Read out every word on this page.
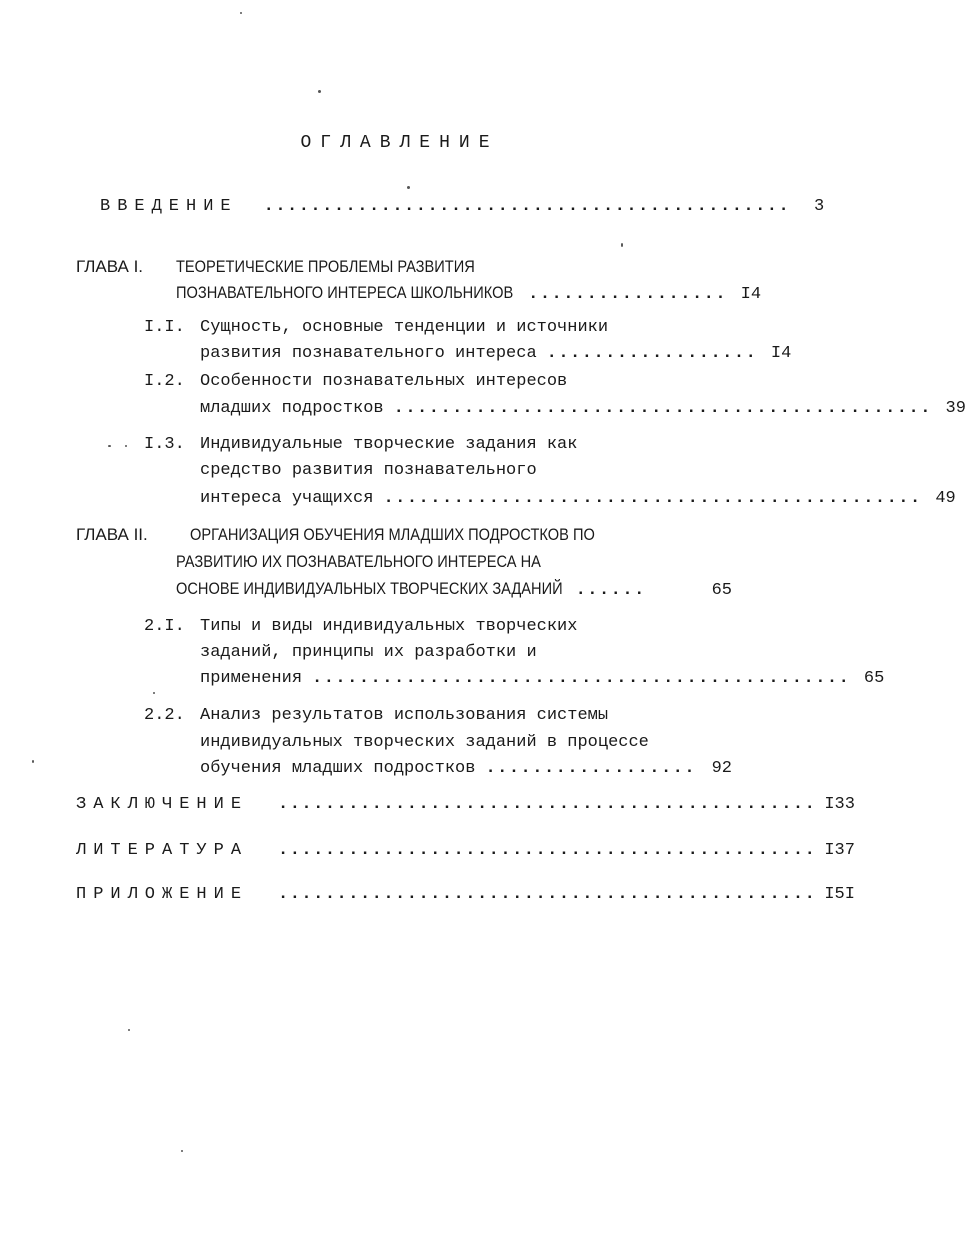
ОГЛАВЛЕНИЕ
ВВЕДЕНИЕ .............................................	3
ГЛАВА I. ТЕОРЕТИЧЕСКИЕ ПРОБЛЕМЫ РАЗВИТИЯ
ПОЗНАВАТЕЛЬНОГО ИНТЕРЕСА ШКОЛЬНИКОВ ................. I4
I.I. Сущность, основные тенденции и источники
развития познавательного интереса .................. I4
I.2. Особенности познавательных интересов
младших подростков .............................................. 39
I.3. Индивидуальные творческие задания как
средство развития познавательного
интереса учащихся .............................................. 49
ГЛАВА II. ОРГАНИЗАЦИЯ ОБУЧЕНИЯ МЛАДШИХ ПОДРОСТКОВ ПО
РАЗВИТИЮ ИХ ПОЗНАВАТЕЛЬНОГО ИНТЕРЕСА НА
ОСНОВЕ ИНДИВИДУАЛЬНЫХ ТВОРЧЕСКИХ ЗАДАНИЙ ......	65
2.I. Типы и виды индивидуальных творческих
заданий, принципы их разработки и
применения .............................................. 65
2.2. Анализ результатов использования системы
индивидуальных творческих заданий в процессе
обучения младших подростков .................. 92
ЗАКЛЮЧЕНИЕ .............................................. I33
ЛИТЕРАТУРА .............................................. I37
ПРИЛОЖЕНИЕ .............................................. I5I
